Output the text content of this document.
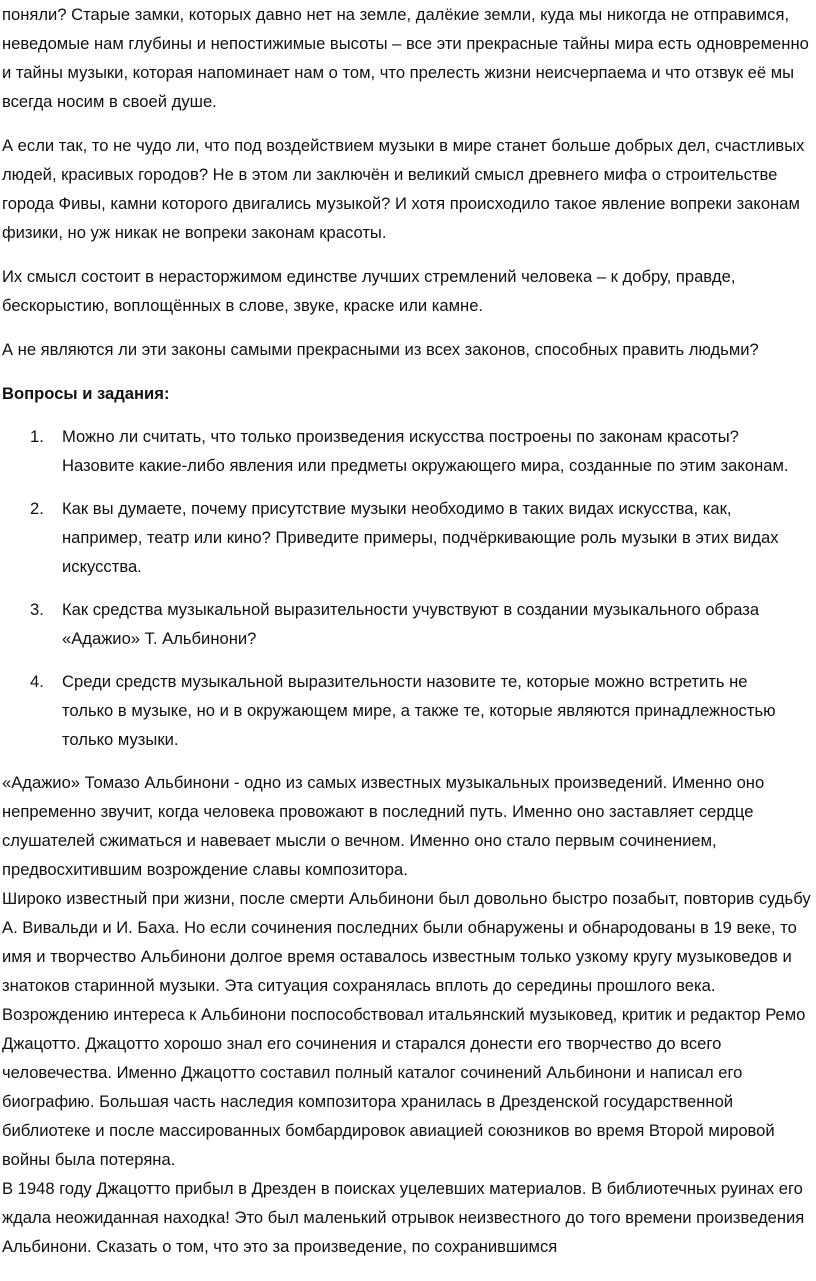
поняли? Старые замки, которых давно нет на земле, далёкие земли, куда мы никогда не отправимся, неведомые нам глубины и непостижимые высоты – все эти прекрасные тайны мира есть одновременно и тайны музыки, которая напоминает нам о том, что прелесть жизни неисчерпаема и что отзвук её мы всегда носим в своей душе.

А если так, то не чудо ли, что под воздействием музыки в мире станет больше добрых дел, счастливых людей, красивых городов? Не в этом ли заключён и великий смысл древнего мифа о строительстве города Фивы, камни которого двигались музыкой? И хотя происходило такое явление вопреки законам физики, но уж никак не вопреки законам красоты.

Их смысл состоит в нерасторжимом единстве лучших стремлений человека – к добру, правде, бескорыстию, воплощённых в слове, звуке, краске или камне.

А не являются ли эти законы самыми прекрасными из всех законов, способных править людьми?

Вопросы и задания:

1. Можно ли считать, что только произведения искусства построены по законам красоты? Назовите какие-либо явления или предметы окружающего мира, созданные по этим законам.
2. Как вы думаете, почему присутствие музыки необходимо в таких видах искусства, как, например, театр или кино? Приведите примеры, подчёркивающие роль музыки в этих видах искусства.
3. Как средства музыкальной выразительности учувствуют в создании музыкального образа «Адажио» Т. Альбинони?
4. Среди средств музыкальной выразительности назовите те, которые можно встретить не только в музыке, но и в окружающем мире, а также те, которые являются принадлежностью только музыки.

«Адажио» Томазо Альбинони - одно из самых известных музыкальных произведений. Именно оно непременно звучит, когда человека провожают в последний путь. Именно оно заставляет сердце слушателей сжиматься и навевает мысли о вечном. Именно оно стало первым сочинением, предвосхитившим возрождение славы композитора.

Широко известный при жизни, после смерти Альбинони был довольно быстро позабыт, повторив судьбу А. Вивальди и И. Баха. Но если сочинения последних были обнаружены и обнародованы в 19 веке, то имя и творчество Альбинони долгое время оставалось известным только узкому кругу музыковедов и знатоков старинной музыки. Эта ситуация сохранялась вплоть до середины прошлого века.

Возрождению интереса к Альбинони поспособствовал итальянский музыковед, критик и редактор Ремо Джацотто. Джацотто хорошо знал его сочинения и старался донести его творчество до всего человечества. Именно Джацотто составил полный каталог сочинений Альбинони и написал его биографию. Большая часть наследия композитора хранилась в Дрезденской государственной библиотеке и после массированных бомбардировок авиацией союзников во время Второй мировой войны была потеряна.

В 1948 году Джацотто прибыл в Дрезден в поисках уцелевших материалов. В библиотечных руинах его ждала неожиданная находка! Это был маленький отрывок неизвестного до того времени произведения Альбинони. Сказать о том, что это за произведение, по сохранившимся
